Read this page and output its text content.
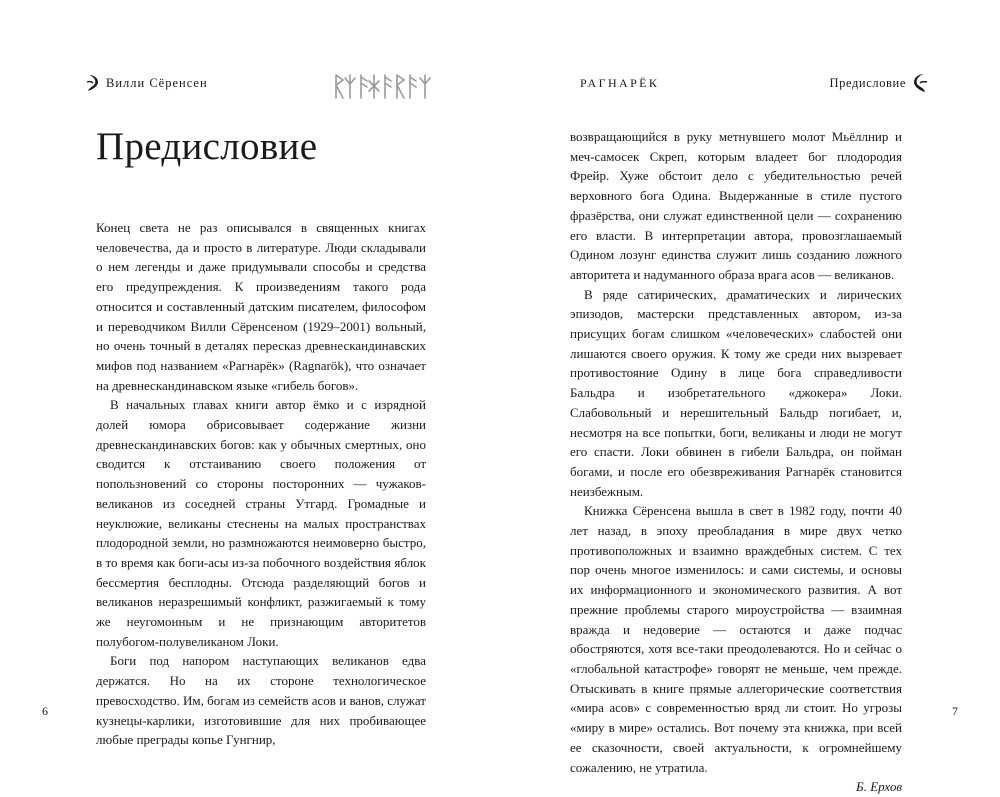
Вилли Сёренсен
Предисловие

Конец света не раз описывался в священных книгах человечества, да и просто в литературе. Люди складывали о нем легенды и даже придумывали способы и средства его предупреждения. К произведениям такого рода относится и составленный датским писателем, философом и переводчиком Вилли Сёренсеном (1929–2001) вольный, но очень точный в деталях пересказ древнескандинавских мифов под названием «Рагнарёк» (Ragnarök), что означает на древнескандинавском языке «гибель богов».

В начальных главах книги автор ёмко и с изрядной долей юмора обрисовывает содержание жизни древнескандинавских богов: как у обычных смертных, оно сводится к отстаиванию своего положения от попользновений со стороны посторонних — чужаков-великанов из соседней страны Утгард. Громадные и неуклюжие, великаны стеснены на малых пространствах плодородной земли, но размножаются неимоверно быстро, в то время как боги-асы из-за побочного воздействия яблок бессмертия бесплодны. Отсюда разделяющий богов и великанов неразрешимый конфликт, разжигаемый к тому же неугомонным и не признающим авторитетов полубогом-полувеликаном Локи.

Боги под напором наступающих великанов едва держатся. Но на их стороне технологическое превосходство. Им, богам из семейств асов и ванов, служат кузнецы-карлики, изготовившие для них пробивающее любые преграды копье Гунгнир,

6
РАГНАРЁК	Предисловие

возвращающийся в руку метнувшего молот Мьёллнир и меч-самосек Скреп, которым владеет бог плодородия Фрейр. Хуже обстоит дело с убедительностью речей верховного бога Одина. Выдержанные в стиле пустого фразёрства, они служат единственной цели — сохранению его власти. В интерпретации автора, провозглашаемый Одином лозунг единства служит лишь созданию ложного авторитета и надуманного образа врага асов — великанов.

В ряде сатирических, драматических и лирических эпизодов, мастерски представленных автором, из-за присущих богам слишком «человеческих» слабостей они лишаются своего оружия. К тому же среди них вызревает противостояние Одину в лице бога справедливости Бальдра и изобретательного «джокера» Локи. Слабовольный и нерешительный Бальдр погибает, и, несмотря на все попытки, боги, великаны и люди не могут его спасти. Локи обвинен в гибели Бальдра, он пойман богами, и после его обезвреживания Рагнарёк становится неизбежным.

Книжка Сёренсена вышла в свет в 1982 году, почти 40 лет назад, в эпоху преобладания в мире двух четко противоположных и взаимно враждебных систем. С тех пор очень многое изменилось: и сами системы, и основы их информационного и экономического развития. А вот прежние проблемы старого мироустройства — взаимная вражда и недоверие — остаются и даже подчас обостряются, хотя все-таки преодолеваются. Но и сейчас о «глобальной катастрофе» говорят не меньше, чем прежде. Отыскивать в книге прямые аллегорические соответствия «мира асов» с современностью вряд ли стоит. Но угрозы «миру в мире» остались. Вот почему эта книжка, при всей ее сказочности, своей актуальности, к огромнейшему сожалению, не утратила.

Б. Ерхов

7
